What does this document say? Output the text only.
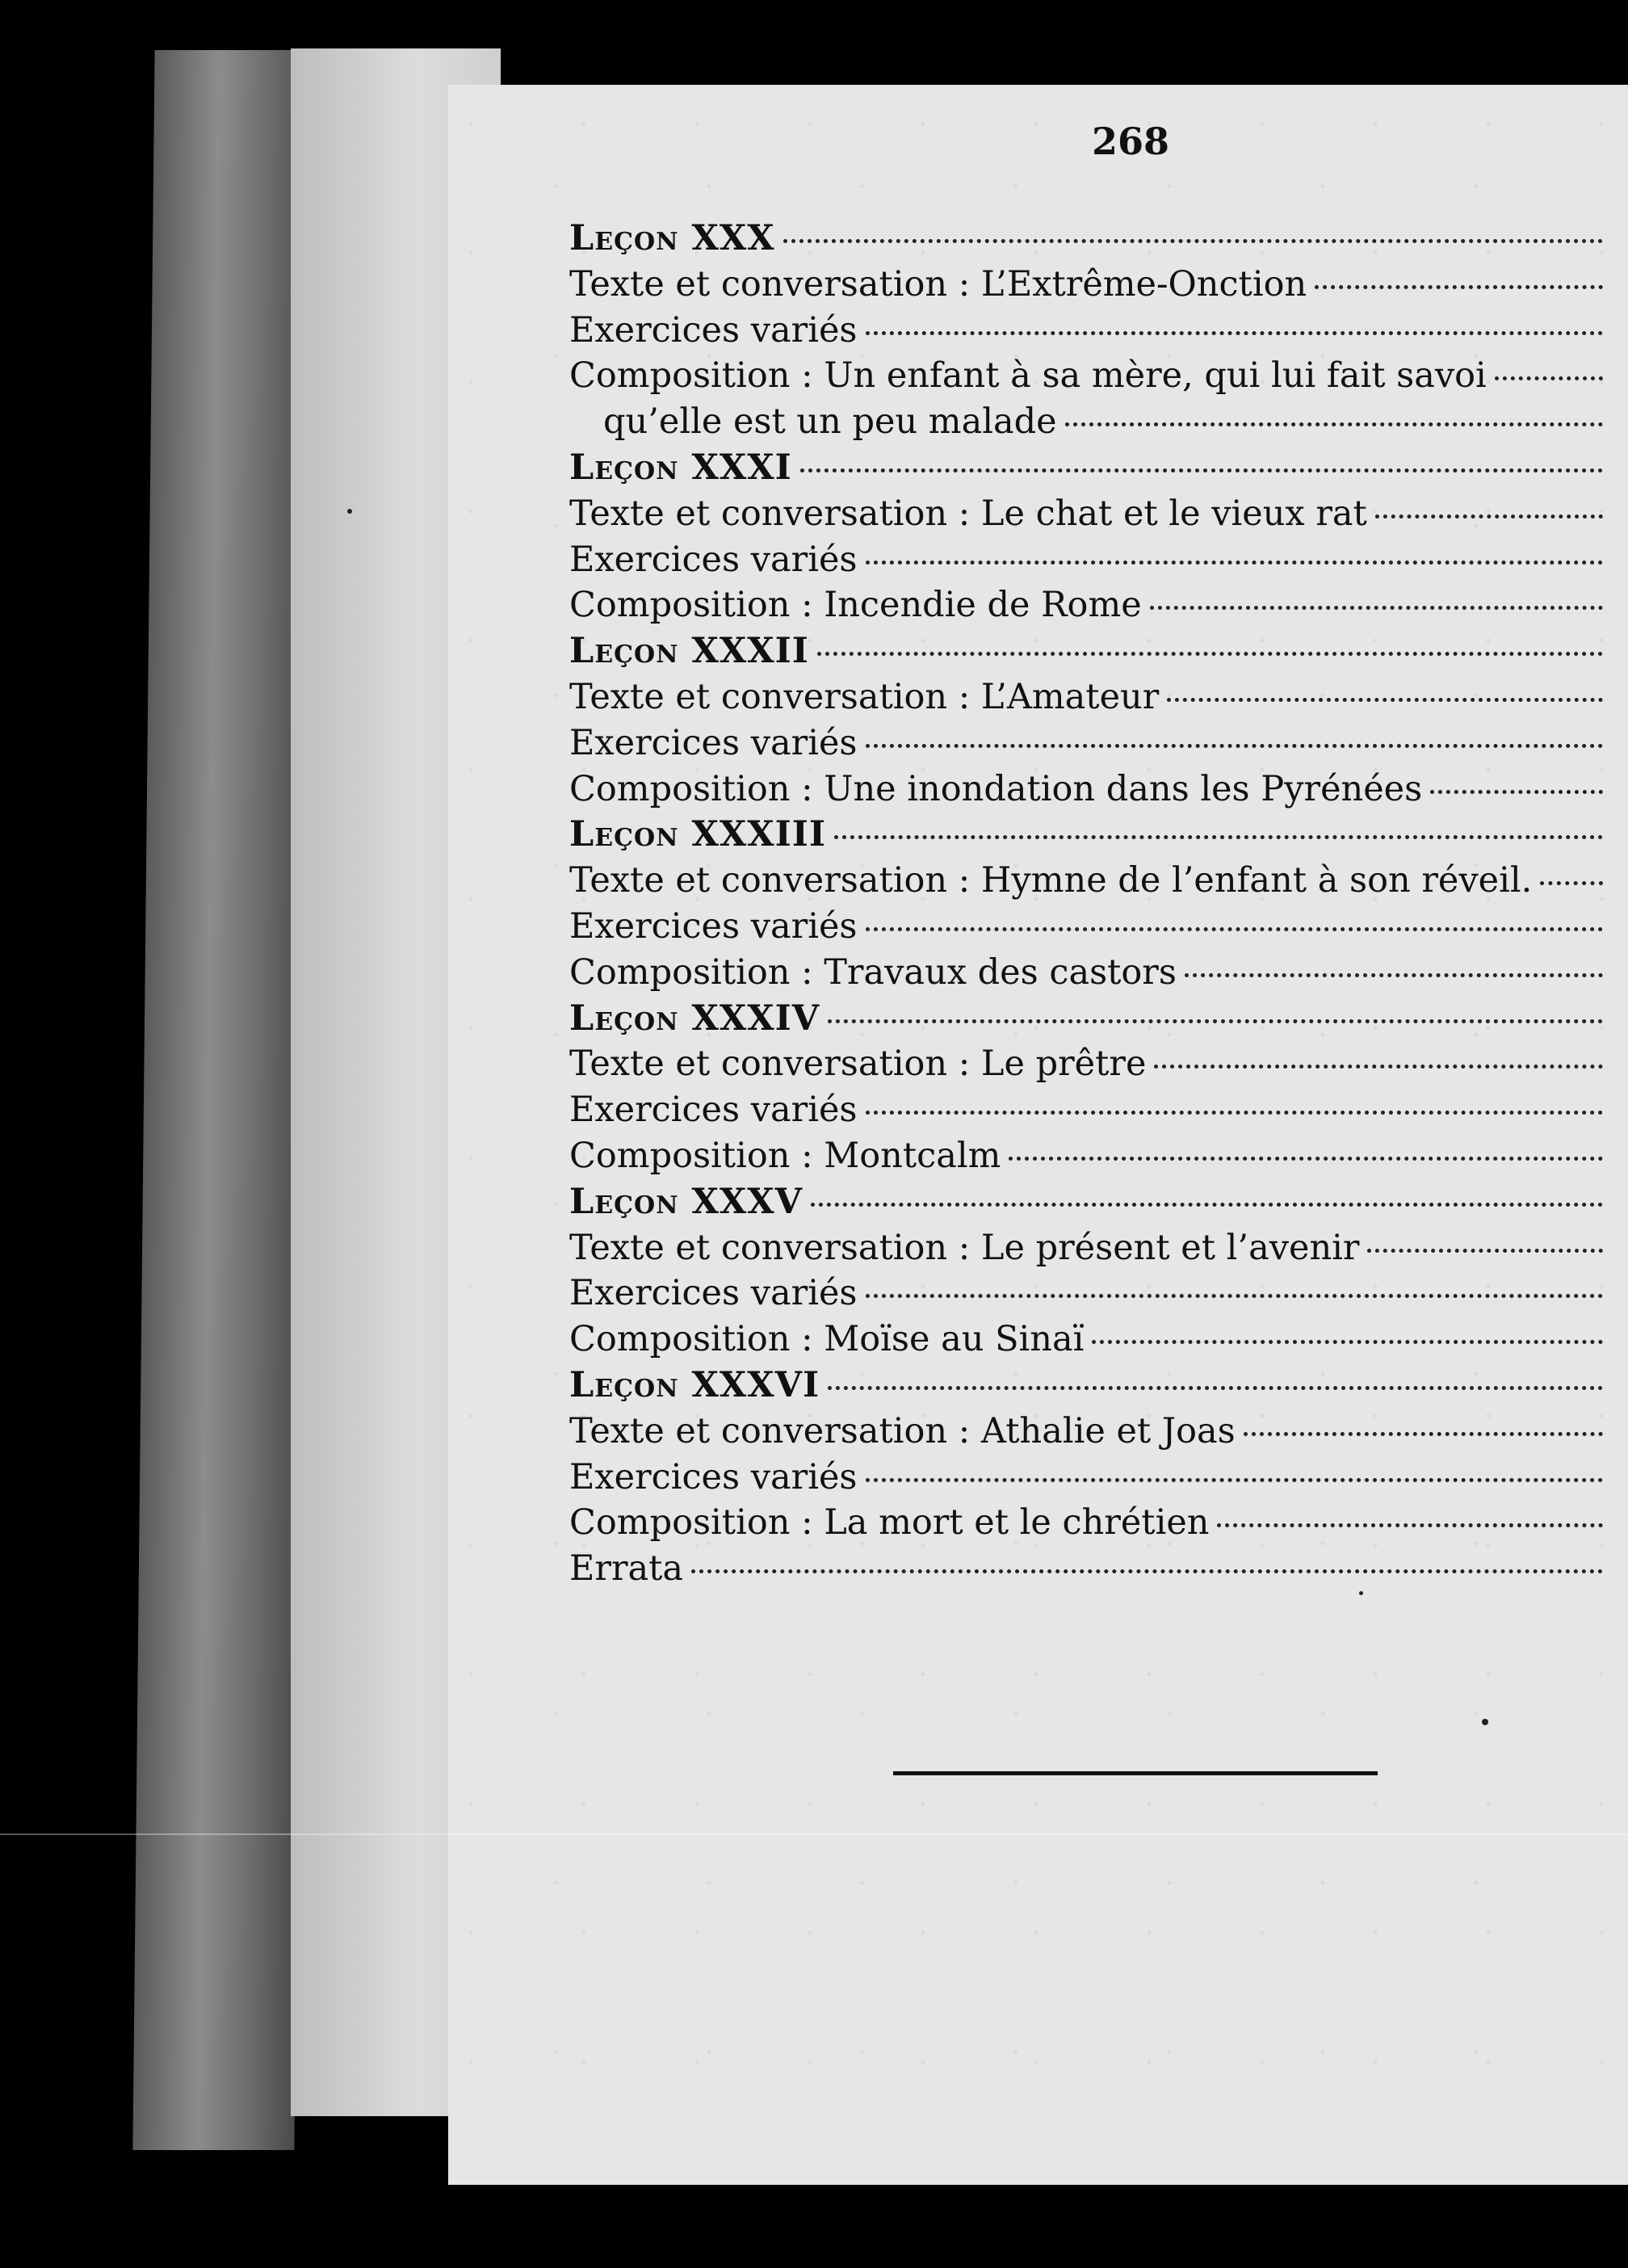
268
Leçon XXX
Texte et conversation : L’Extrême-Onction
Exercices variés
Composition : Un enfant à sa mère, qui lui fait savoi
qu’elle est un peu malade
Leçon XXXI
Texte et conversation : Le chat et le vieux rat
Exercices variés
Composition : Incendie de Rome
Leçon XXXII
Texte et conversation : L’Amateur
Exercices variés
Composition : Une inondation dans les Pyrénées
Leçon XXXIII
Texte et conversation : Hymne de l’enfant à son réveil.
Exercices variés
Composition : Travaux des castors
Leçon XXXIV
Texte et conversation : Le prêtre
Exercices variés
Composition : Montcalm
Leçon XXXV
Texte et conversation : Le présent et l’avenir
Exercices variés
Composition : Moïse au Sinaï
Leçon XXXVI
Texte et conversation : Athalie et Joas
Exercices variés
Composition : La mort et le chrétien
Errata
